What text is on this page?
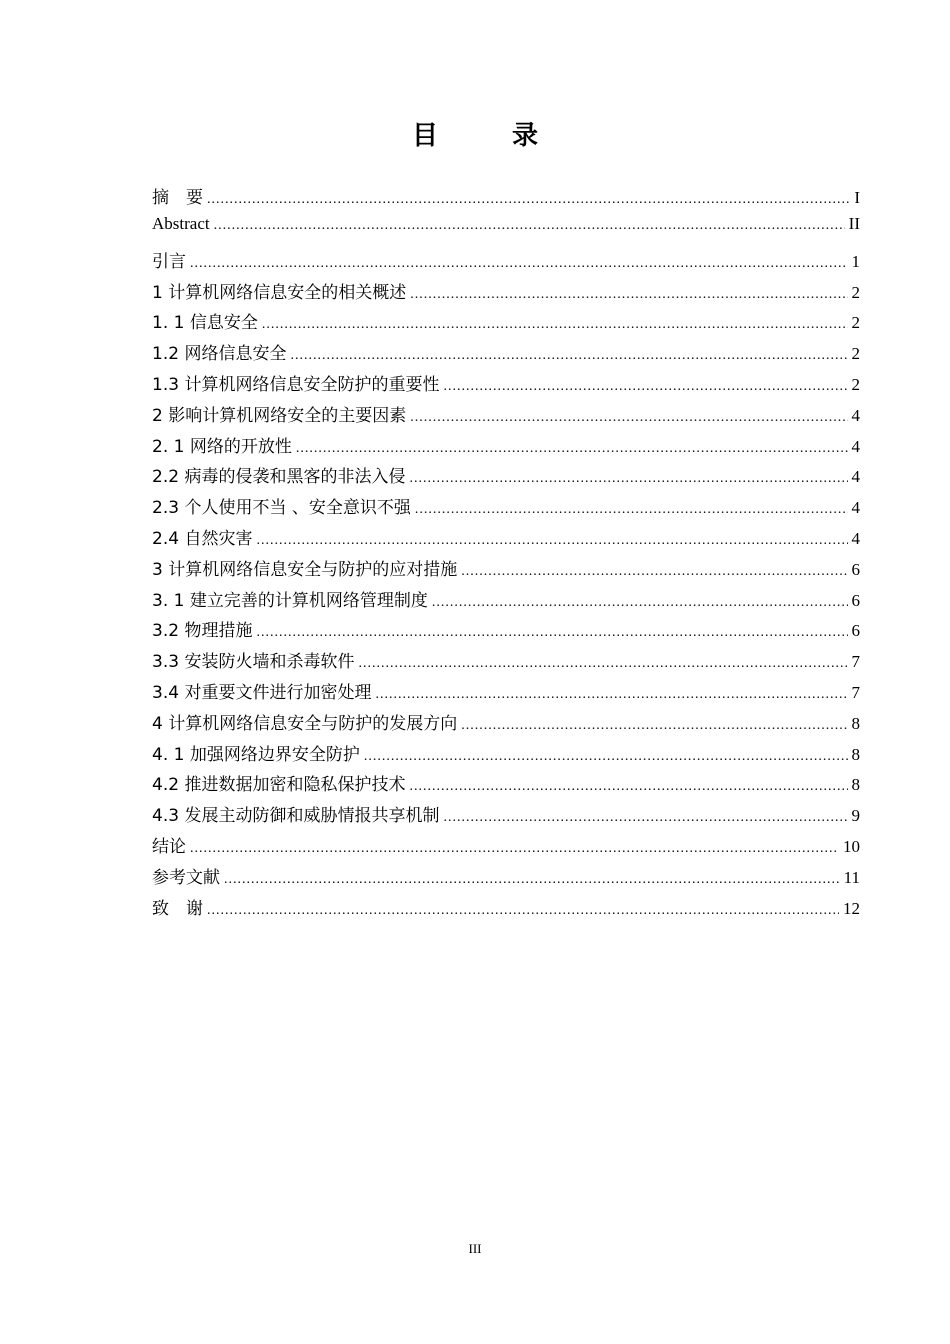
目　录
摘　要 .....	I
Abstract .....	II
引言 .....	1
1 计算机网络信息安全的相关概述 .....	2
1. 1 信息安全 .....	2
1.2 网络信息安全 .....	2
1.3 计算机网络信息安全防护的重要性 .....	2
2 影响计算机网络安全的主要因素 .....	4
2. 1 网络的开放性 .....	4
2.2 病毒的侵袭和黑客的非法入侵 .....	4
2.3 个人使用不当 、安全意识不强 .....	4
2.4 自然灾害 .....	4
3 计算机网络信息安全与防护的应对措施 .....	6
3. 1 建立完善的计算机网络管理制度 .....	6
3.2 物理措施 .....	6
3.3 安装防火墙和杀毒软件 .....	7
3.4 对重要文件进行加密处理 .....	7
4 计算机网络信息安全与防护的发展方向 .....	8
4. 1 加强网络边界安全防护 .....	8
4.2 推进数据加密和隐私保护技术 .....	8
4.3 发展主动防御和威胁情报共享机制 .....	9
结论 .....	10
参考文献 .....	11
致　谢 .....	12
III
